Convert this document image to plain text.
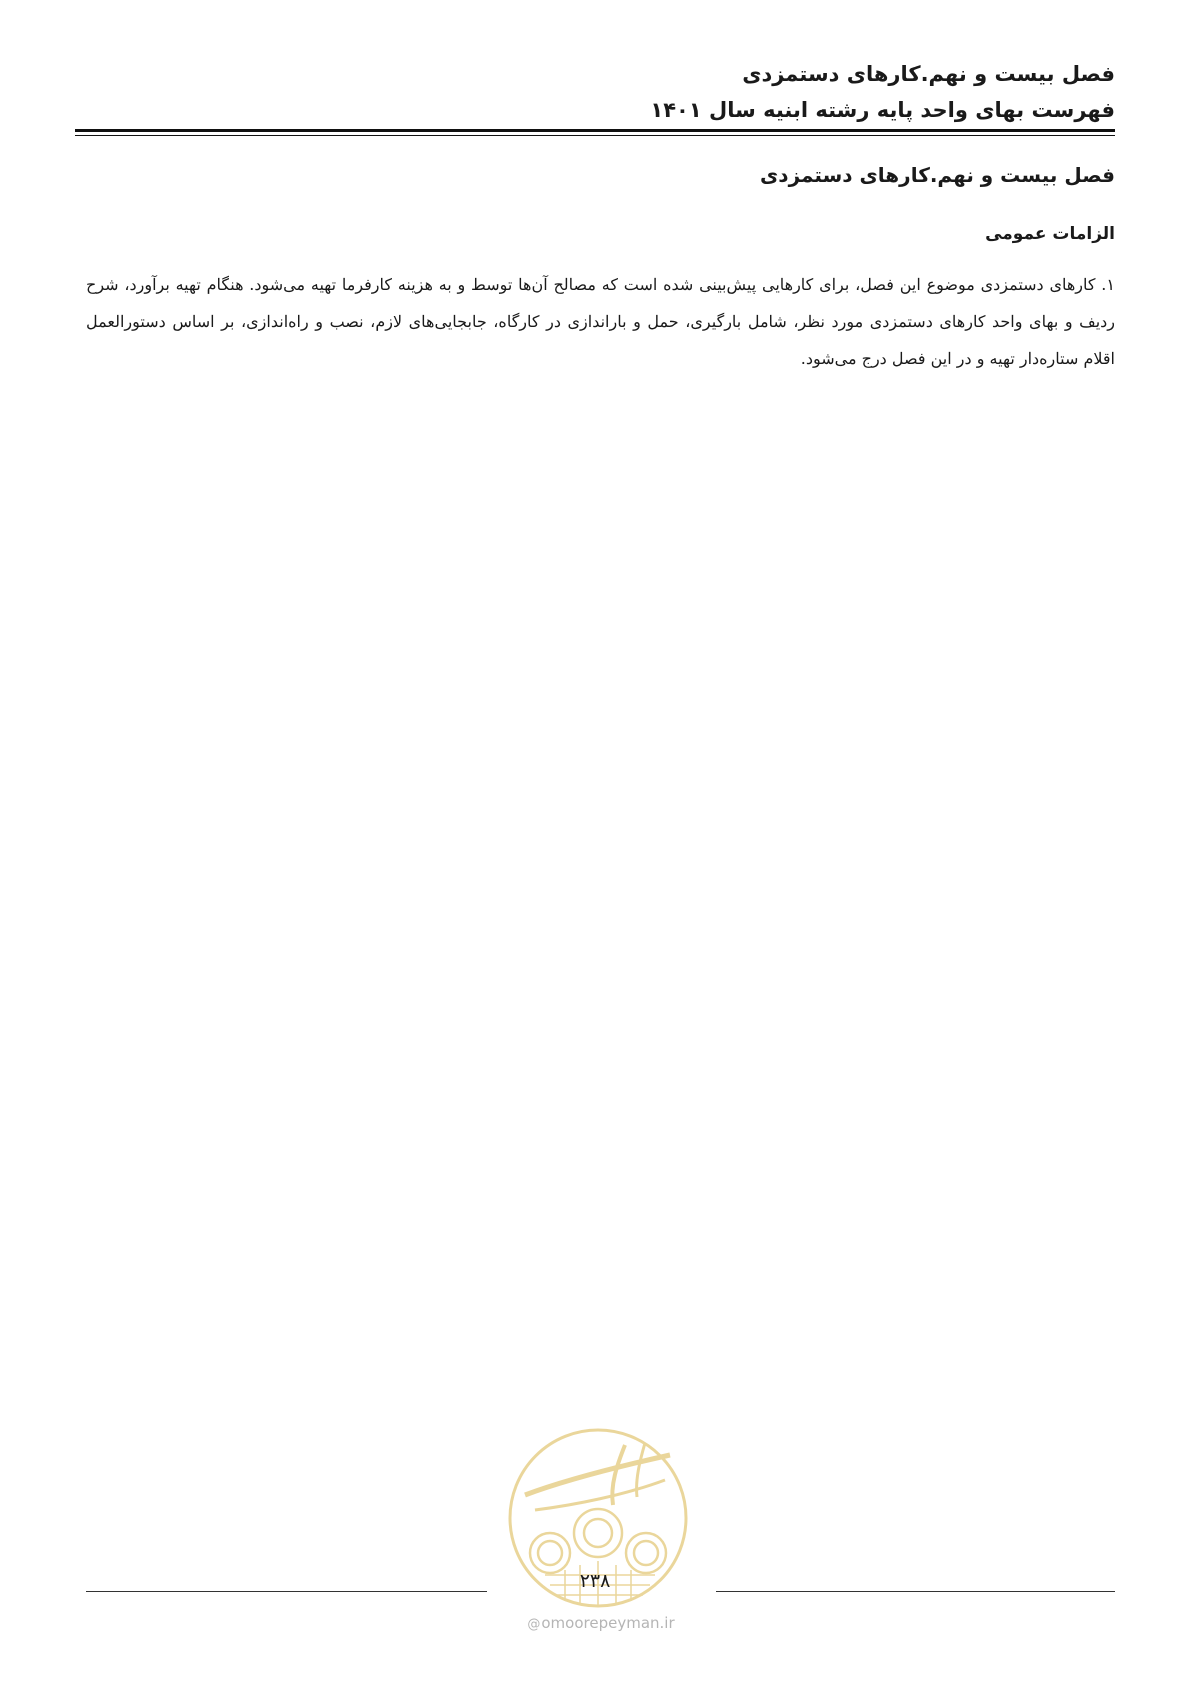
فصل بیست و نهم.کارهای دستمزدی
فهرست بهای واحد پایه رشته ابنیه سال ۱۴۰۱
فصل بیست و نهم.کارهای دستمزدی
الزامات عمومی
۱. کارهای دستمزدی موضوع این فصل، برای کارهایی پیش‌بینی شده است که مصالح آن‌ها توسط و به هزینه کارفرما تهیه می‌شود. هنگام تهیه برآورد، شرح ردیف و بهای واحد کارهای دستمزدی مورد نظر، شامل بارگیری، حمل و باراندازی در کارگاه، جابجایی‌های لازم، نصب و راه‌اندازی، بر اساس دستورالعمل اقلام ستاره‌دار تهیه و در این فصل درج می‌شود.
۲۳۸
@omoorepeyman.ir
